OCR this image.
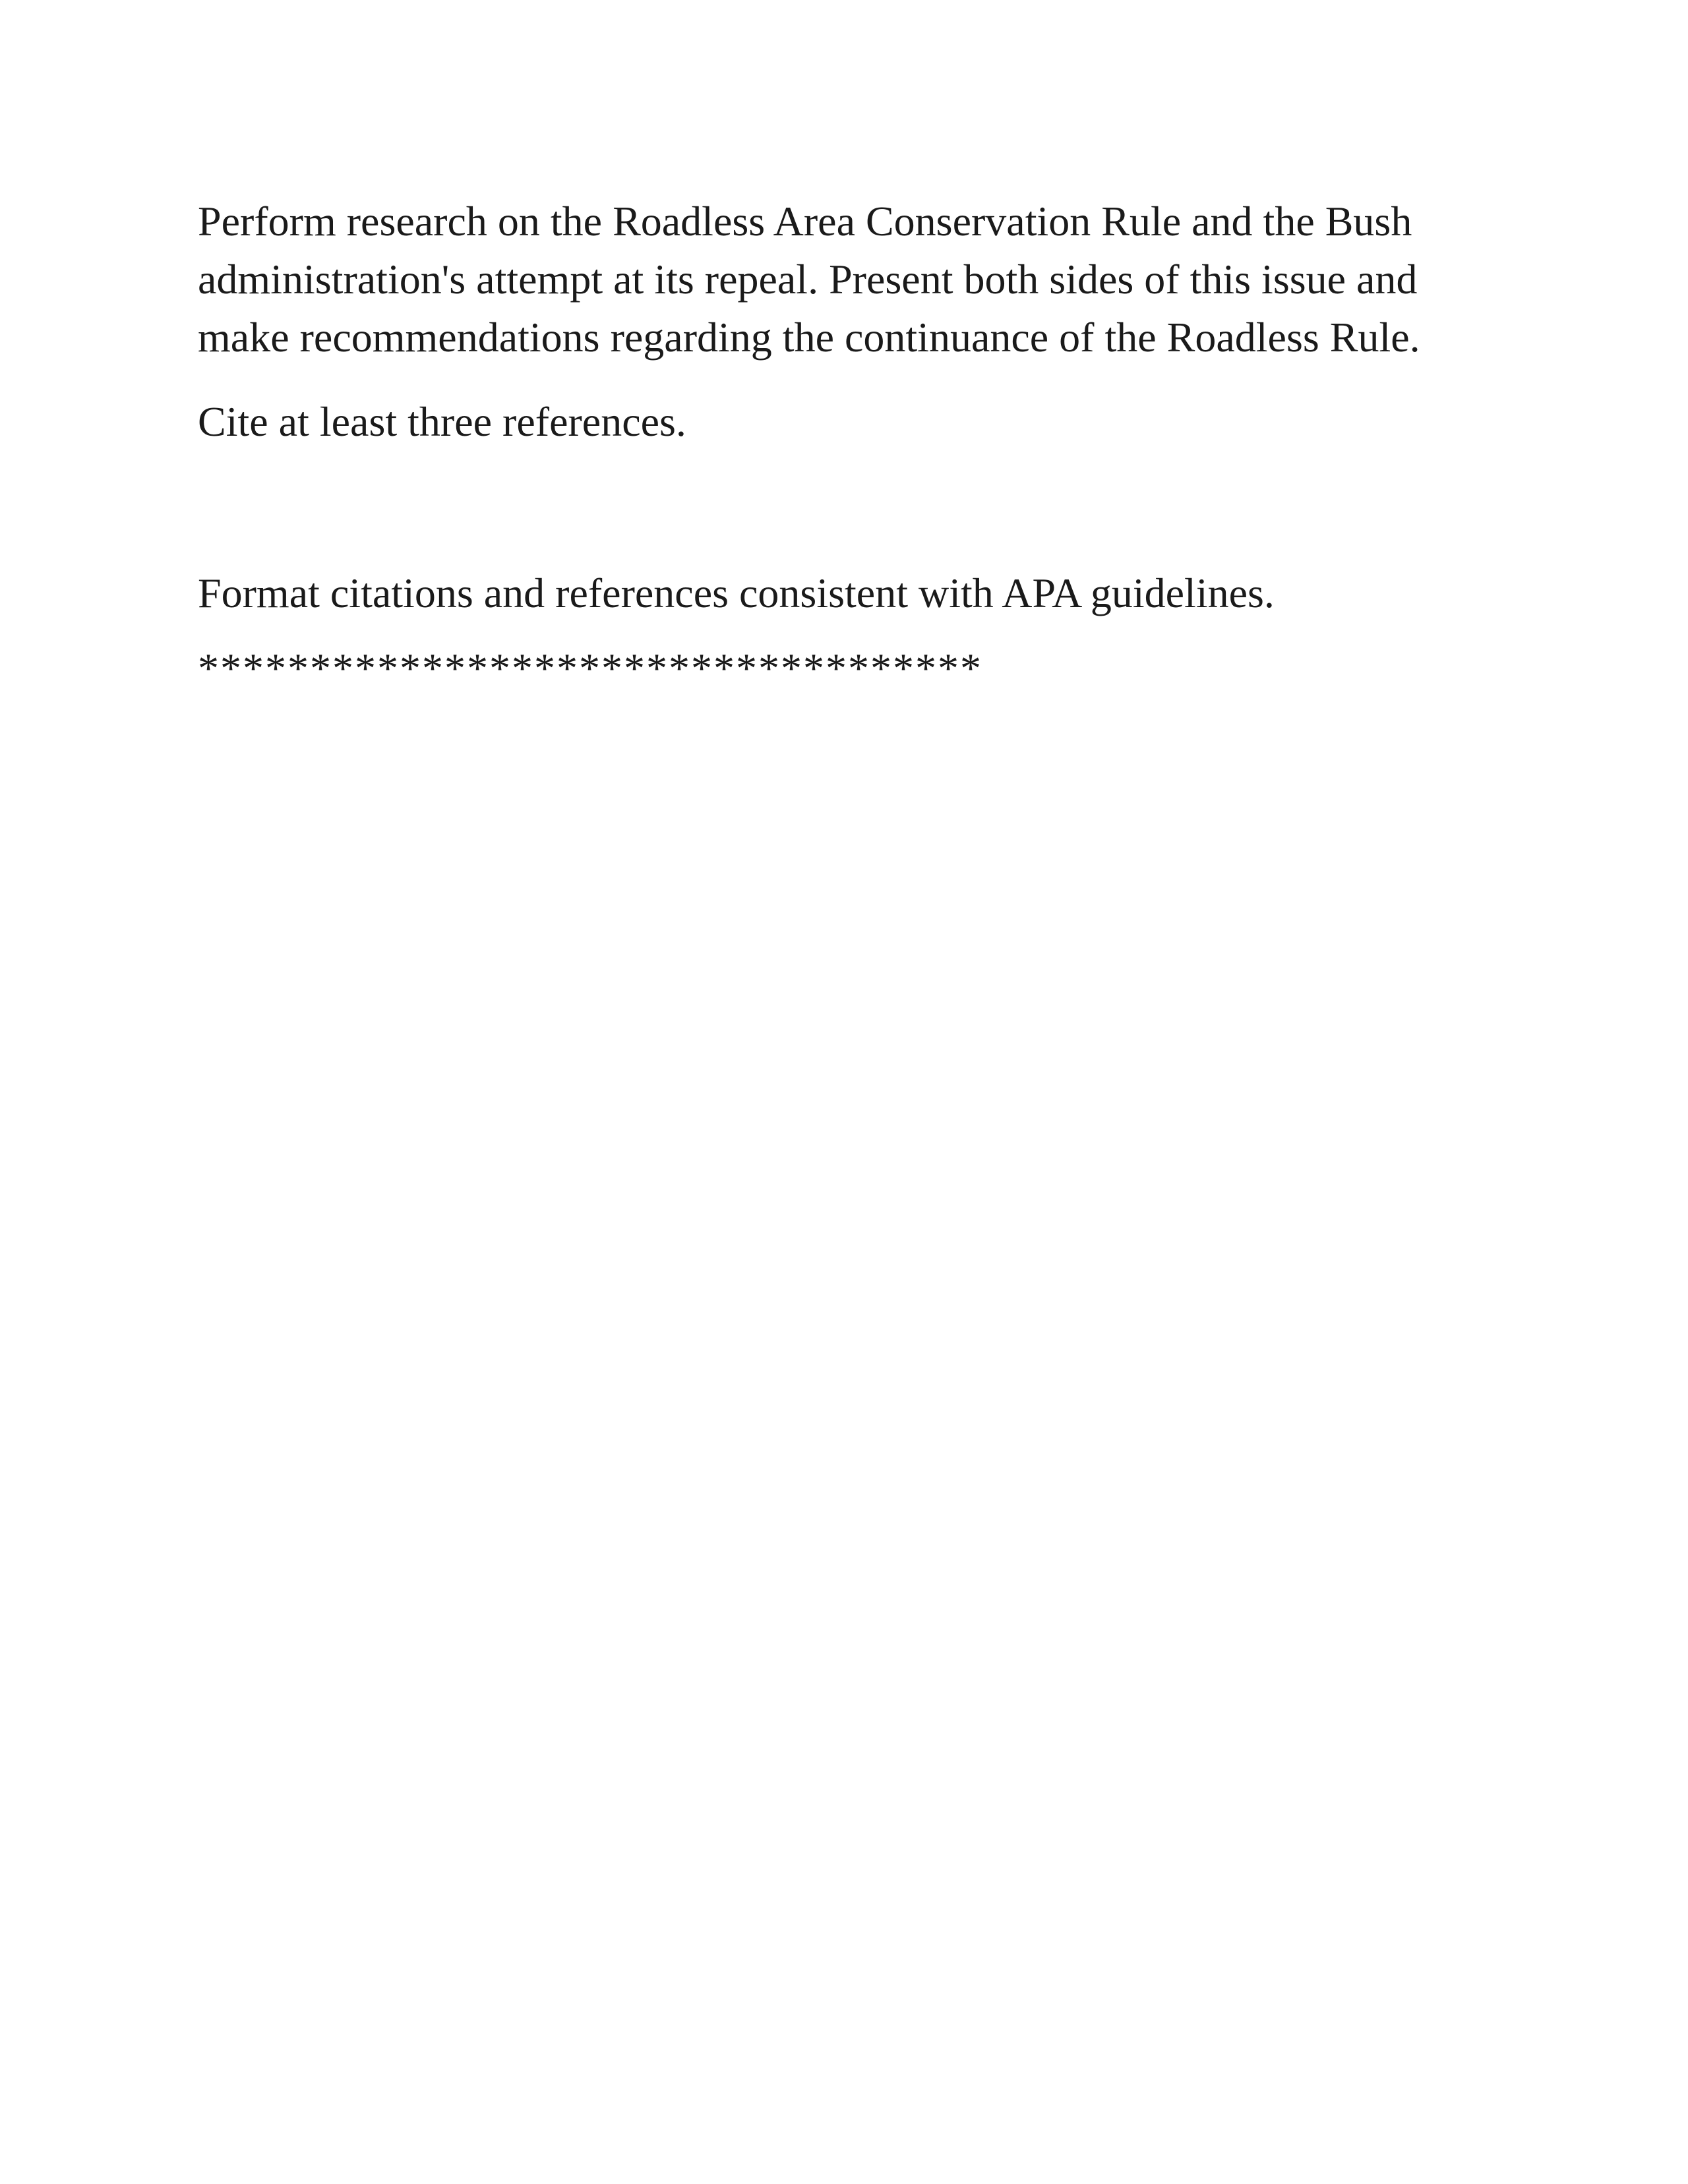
Perform research on the Roadless Area Conservation Rule and the Bush administration's attempt at its repeal. Present both sides of this issue and make recommendations regarding the continuance of the Roadless Rule.

Cite at least three references.

Format citations and references consistent with APA guidelines.

***********************************
